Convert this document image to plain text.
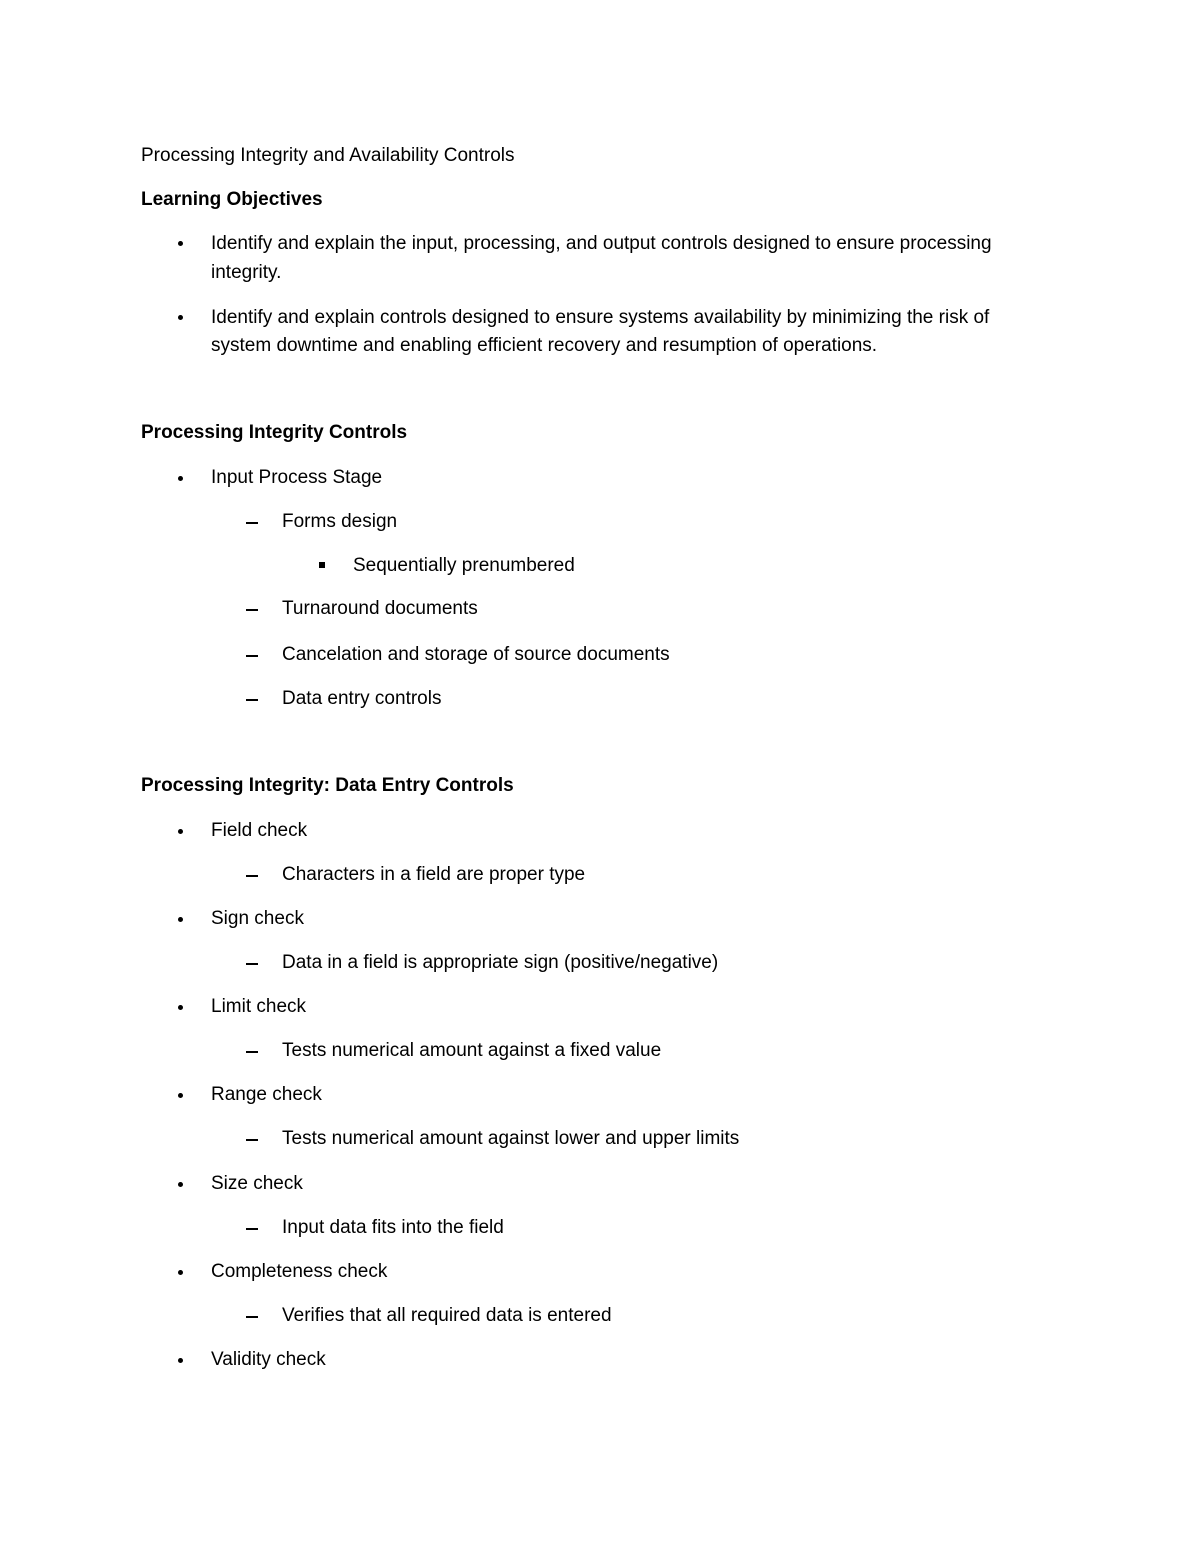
Processing Integrity and Availability Controls
Learning Objectives
Identify and explain the input, processing, and output controls designed to ensure processing
integrity.
Identify and explain controls designed to ensure systems availability by minimizing the risk of
system downtime and enabling efficient recovery and resumption of operations.
Processing Integrity Controls
Input Process Stage
Forms design
Sequentially prenumbered
Turnaround documents
Cancelation and storage of source documents
Data entry controls
Processing Integrity: Data Entry Controls
Field check
Characters in a field are proper type
Sign check
Data in a field is appropriate sign (positive/negative)
Limit check
Tests numerical amount against a fixed value
Range check
Tests numerical amount against lower and upper limits
Size check
Input data fits into the field
Completeness check
Verifies that all required data is entered
Validity check
